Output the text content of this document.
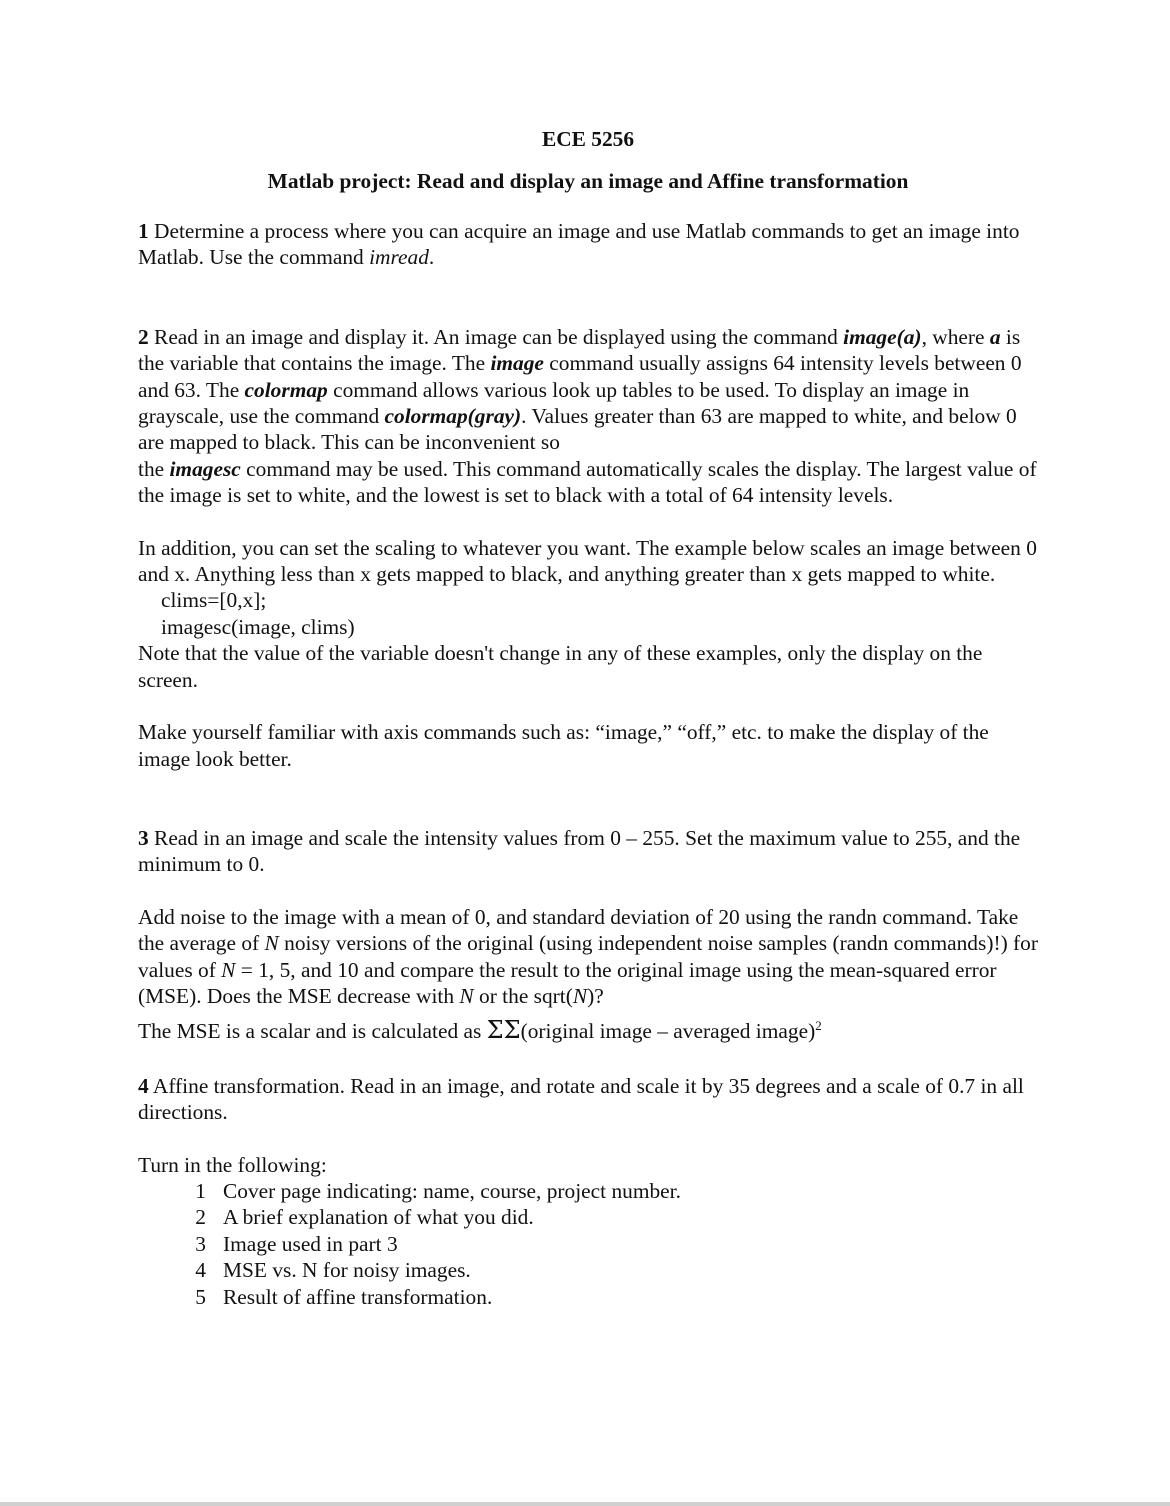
ECE 5256

Matlab project: Read and display an image and Affine transformation

1 Determine a process where you can acquire an image and use Matlab commands to get an image into Matlab. Use the command imread.

2 Read in an image and display it. An image can be displayed using the command image(a), where a is the variable that contains the image. The image command usually assigns 64 intensity levels between 0 and 63. The colormap command allows various look up tables to be used. To display an image in grayscale, use the command colormap(gray). Values greater than 63 are mapped to white, and below 0 are mapped to black. This can be inconvenient so
the imagesc command may be used. This command automatically scales the display. The largest value of the image is set to white, and the lowest is set to black with a total of 64 intensity levels.

In addition, you can set the scaling to whatever you want. The example below scales an image between 0 and x. Anything less than x gets mapped to black, and anything greater than x gets mapped to white.

clims=[0,x];

imagesc(image, clims)

Note that the value of the variable doesn't change in any of these examples, only the display on the screen.

Make yourself familiar with axis commands such as: “image,” “off,” etc. to make the display of the image look better.

3 Read in an image and scale the intensity values from 0 – 255. Set the maximum value to 255, and the minimum to 0.

Add noise to the image with a mean of 0, and standard deviation of 20 using the randn command. Take the average of N noisy versions of the original (using independent noise samples (randn commands)!) for values of N = 1, 5, and 10 and compare the result to the original image using the mean-squared error (MSE). Does the MSE decrease with N or the sqrt(N)?

The MSE is a scalar and is calculated as ΣΣ(original image – averaged image)$^2$

4 Affine transformation. Read in an image, and rotate and scale it by 35 degrees and a scale of 0.7 in all directions.

Turn in the following:

1 Cover page indicating: name, course, project number.
2 A brief explanation of what you did.
3 Image used in part 3
4 MSE vs. N for noisy images.
5 Result of affine transformation.
